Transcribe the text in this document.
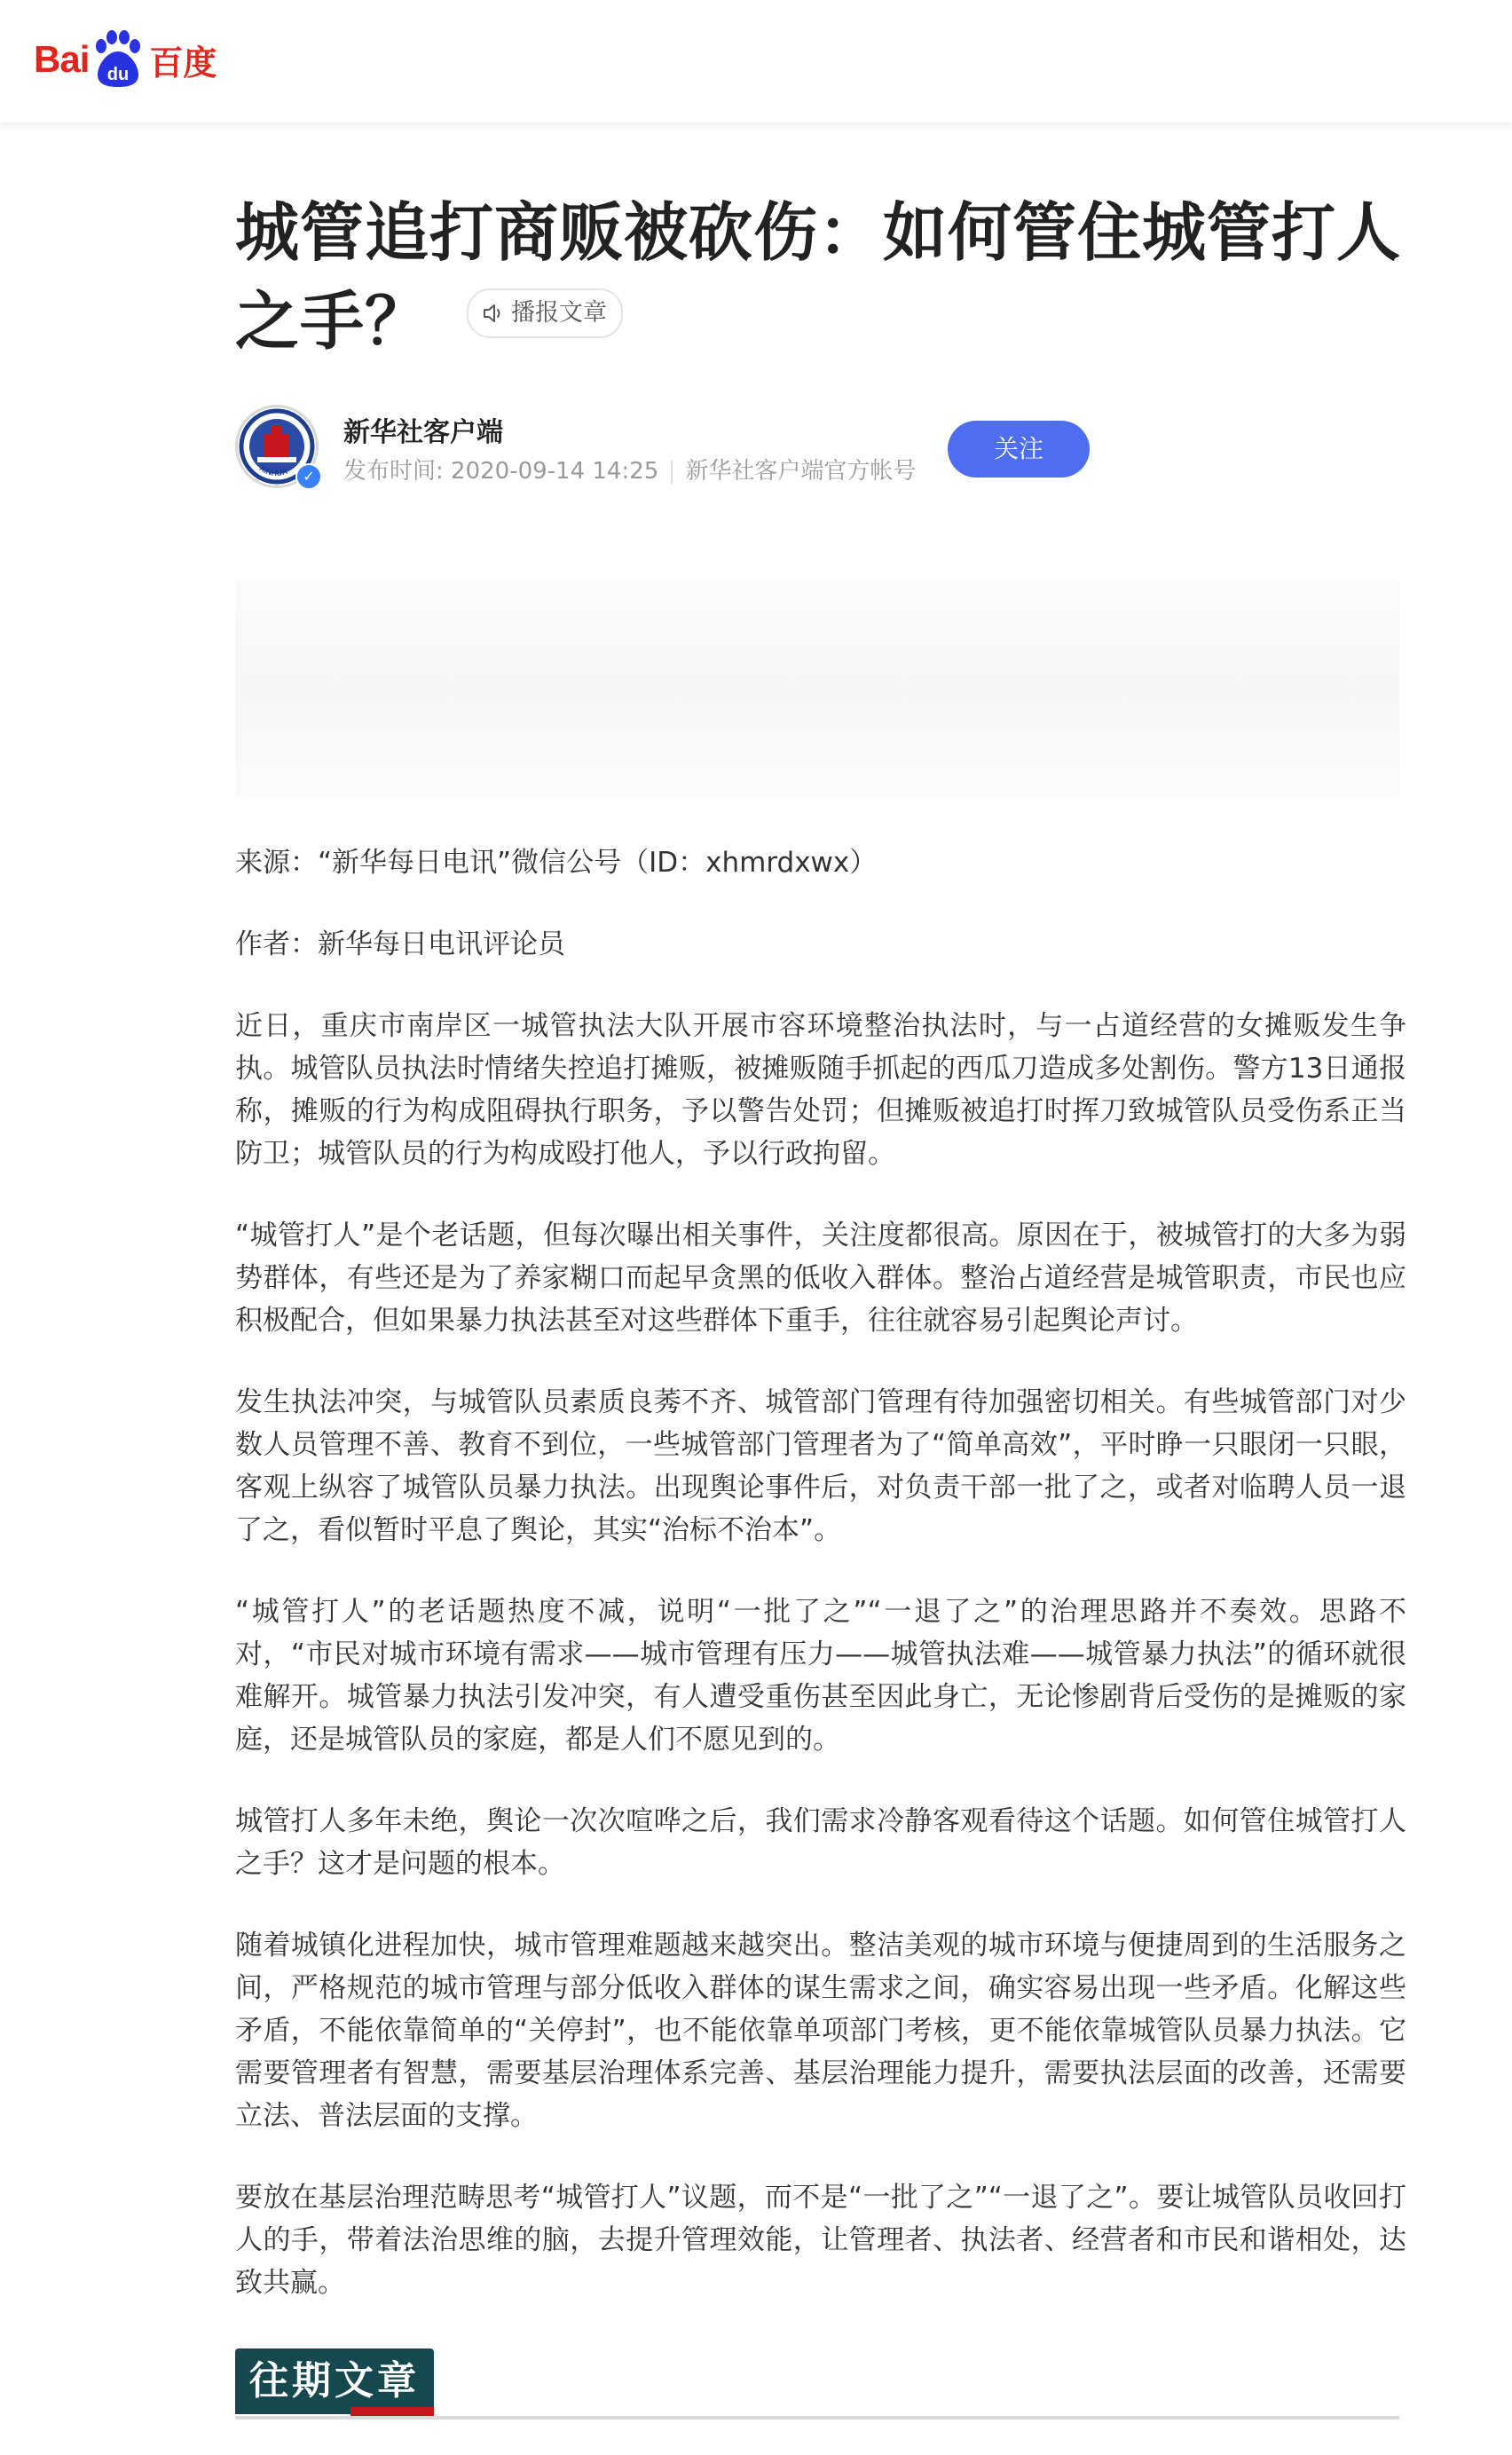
Bai du 百度
城管追打商贩被砍伤：如何管住城管打人之手？	播报文章
XINHUA	✓
新华社客户端
发布时间: 2020-09-14 14:25 新华社客户端官方帐号
关注

来源：“新华每日电讯”微信公号（ID：xhmrdxwx）

作者：新华每日电讯评论员

近日，重庆市南岸区一城管执法大队开展市容环境整治执法时，与一占道经营的女摊贩发生争执。城管队员执法时情绪失控追打摊贩，被摊贩随手抓起的西瓜刀造成多处割伤。警方13日通报称，摊贩的行为构成阻碍执行职务，予以警告处罚；但摊贩被追打时挥刀致城管队员受伤系正当防卫；城管队员的行为构成殴打他人，予以行政拘留。

“城管打人”是个老话题，但每次曝出相关事件，关注度都很高。原因在于，被城管打的大多为弱势群体，有些还是为了养家糊口而起早贪黑的低收入群体。整治占道经营是城管职责，市民也应积极配合，但如果暴力执法甚至对这些群体下重手，往往就容易引起舆论声讨。

发生执法冲突，与城管队员素质良莠不齐、城管部门管理有待加强密切相关。有些城管部门对少数人员管理不善、教育不到位，一些城管部门管理者为了“简单高效”，平时睁一只眼闭一只眼，客观上纵容了城管队员暴力执法。出现舆论事件后，对负责干部一批了之，或者对临聘人员一退了之，看似暂时平息了舆论，其实“治标不治本”。

“城管打人”的老话题热度不减，说明“一批了之”“一退了之”的治理思路并不奏效。思路不对，“市民对城市环境有需求——城市管理有压力——城管执法难——城管暴力执法”的循环就很难解开。城管暴力执法引发冲突，有人遭受重伤甚至因此身亡，无论惨剧背后受伤的是摊贩的家庭，还是城管队员的家庭，都是人们不愿见到的。

城管打人多年未绝，舆论一次次喧哗之后，我们需求冷静客观看待这个话题。如何管住城管打人之手？这才是问题的根本。

随着城镇化进程加快，城市管理难题越来越突出。整洁美观的城市环境与便捷周到的生活服务之间，严格规范的城市管理与部分低收入群体的谋生需求之间，确实容易出现一些矛盾。化解这些矛盾，不能依靠简单的“关停封”，也不能依靠单项部门考核，更不能依靠城管队员暴力执法。它需要管理者有智慧，需要基层治理体系完善、基层治理能力提升，需要执法层面的改善，还需要立法、普法层面的支撑。

要放在基层治理范畴思考“城管打人”议题，而不是“一批了之”“一退了之”。要让城管队员收回打人的手，带着法治思维的脑，去提升管理效能，让管理者、执法者、经营者和市民和谐相处，达致共赢。

往期文章
